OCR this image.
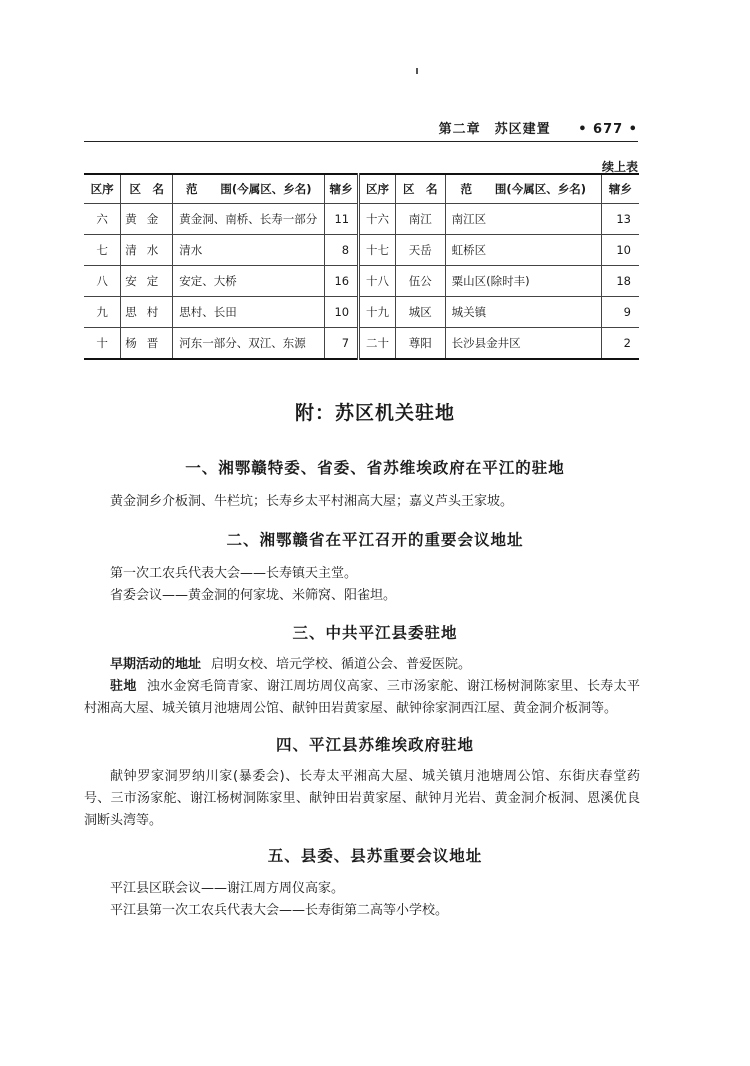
第二章　苏区建置 • 677 •
续上表
区序	区　名	范　　围(今属区、乡名)	辖乡	区序	区　名	范　　围(今属区、乡名)	辖乡
六	黄金	黄金洞、南桥、长寿一部分	11	十六	南江	南江区	13
七	清水	清水	8	十七	天岳	虹桥区	10
八	安定	安定、大桥	16	十八	伍公	粟山区(除时丰)	18
九	思村	思村、长田	10	十九	城区	城关镇	9
十	杨晋	河东一部分、双江、东源	7	二十	尊阳	长沙县金井区	2
附：苏区机关驻地
一、湘鄂赣特委、省委、省苏维埃政府在平江的驻地
黄金洞乡介板洞、牛栏坑；长寿乡太平村湘高大屋；嘉义芦头王家坡。
二、湘鄂赣省在平江召开的重要会议地址
第一次工农兵代表大会——长寿镇天主堂。
省委会议——黄金洞的何家垅、米筛窝、阳雀坦。
三、中共平江县委驻地
早期活动的地址 启明女校、培元学校、循道公会、普爱医院。
驻地 浊水金窝毛筒青家、谢江周坊周仪高家、三市汤家舵、谢江杨树洞陈家里、长寿太平村湘高大屋、城关镇月池塘周公馆、献钟田岩黄家屋、献钟徐家洞西江屋、黄金洞介板洞等。
四、平江县苏维埃政府驻地
献钟罗家洞罗纳川家(暴委会)、长寿太平湘高大屋、城关镇月池塘周公馆、东街庆春堂药号、三市汤家舵、谢江杨树洞陈家里、献钟田岩黄家屋、献钟月光岩、黄金洞介板洞、恩溪优良洞断头湾等。
五、县委、县苏重要会议地址
平江县区联会议——谢江周方周仪高家。
平江县第一次工农兵代表大会——长寿街第二高等小学校。
